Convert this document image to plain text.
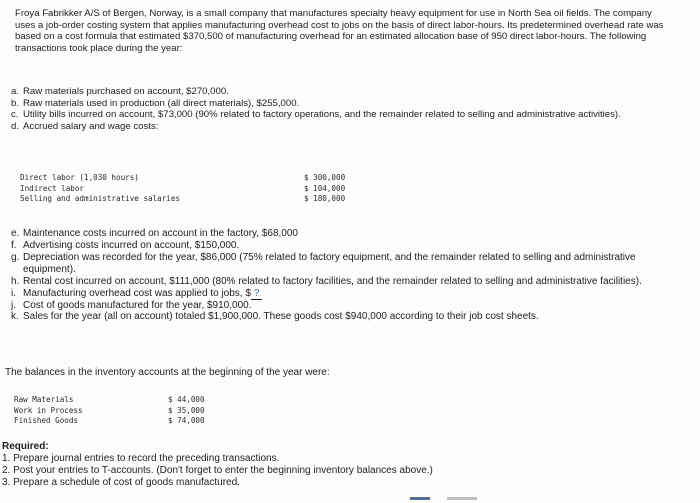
Froya Fabrikker A/S of Bergen, Norway, is a small company that manufactures specialty heavy equipment for use in North Sea oil fields. The company uses a job-order costing system that applies manufacturing overhead cost to jobs on the basis of direct labor-hours. Its predetermined overhead rate was based on a cost formula that estimated $370,500 of manufacturing overhead for an estimated allocation base of 950 direct labor-hours. The following transactions took place during the year:
a. Raw materials purchased on account, $270,000.
b. Raw materials used in production (all direct materials), $255,000.
c. Utility bills incurred on account, $73,000 (90% related to factory operations, and the remainder related to selling and administrative activities).
d. Accrued salary and wage costs:
Direct labor (1,030 hours)	$ 300,000
Indirect labor	$ 104,000
Selling and administrative salaries	$ 180,000
e. Maintenance costs incurred on account in the factory, $68,000
f. Advertising costs incurred on account, $150,000.
g. Depreciation was recorded for the year, $86,000 (75% related to factory equipment, and the remainder related to selling and administrative equipment).
h. Rental cost incurred on account, $111,000 (80% related to factory facilities, and the remainder related to selling and administrative facilities).
i. Manufacturing overhead cost was applied to jobs, $ ?
j. Cost of goods manufactured for the year, $910,000.
k. Sales for the year (all on account) totaled $1,900,000. These goods cost $940,000 according to their job cost sheets.
The balances in the inventory accounts at the beginning of the year were:
Raw Materials	$ 44,000
Work in Process	$ 35,000
Finished Goods	$ 74,000
Required:
1. Prepare journal entries to record the preceding transactions.
2. Post your entries to T-accounts. (Don't forget to enter the beginning inventory balances above.)
3. Prepare a schedule of cost of goods manufactured.
